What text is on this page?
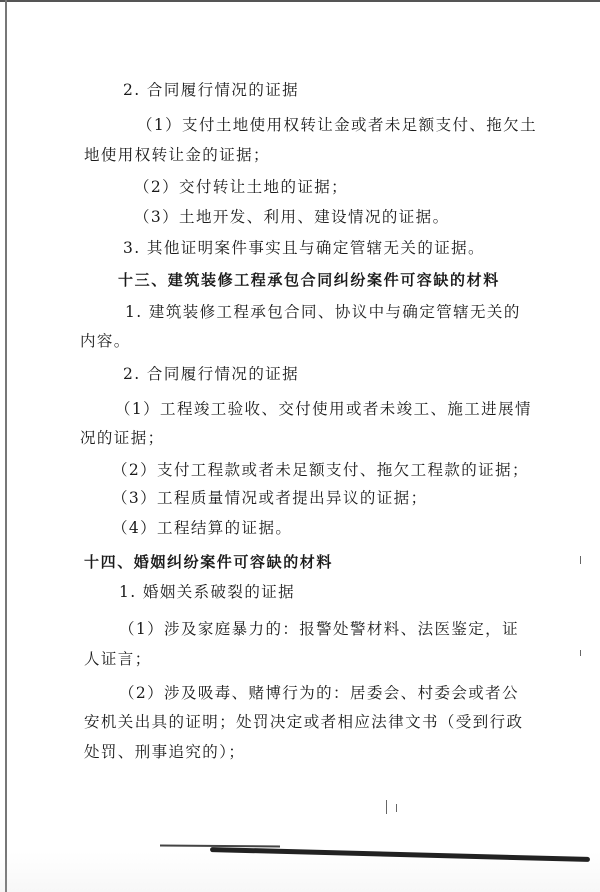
2. 合同履行情况的证据
（1）支付土地使用权转让金或者未足额支付、拖欠土
地使用权转让金的证据；
（2）交付转让土地的证据；
（3）土地开发、利用、建设情况的证据。
3. 其他证明案件事实且与确定管辖无关的证据。
十三、建筑装修工程承包合同纠纷案件可容缺的材料
1. 建筑装修工程承包合同、协议中与确定管辖无关的
内容。
2. 合同履行情况的证据
（1）工程竣工验收、交付使用或者未竣工、施工进展情
况的证据；
（2）支付工程款或者未足额支付、拖欠工程款的证据；
（3）工程质量情况或者提出异议的证据；
（4）工程结算的证据。
十四、婚姻纠纷案件可容缺的材料
1. 婚姻关系破裂的证据
（1）涉及家庭暴力的：报警处警材料、法医鉴定，证
人证言；
（2）涉及吸毒、赌博行为的：居委会、村委会或者公
安机关出具的证明；处罚决定或者相应法律文书（受到行政
处罚、刑事追究的）；
